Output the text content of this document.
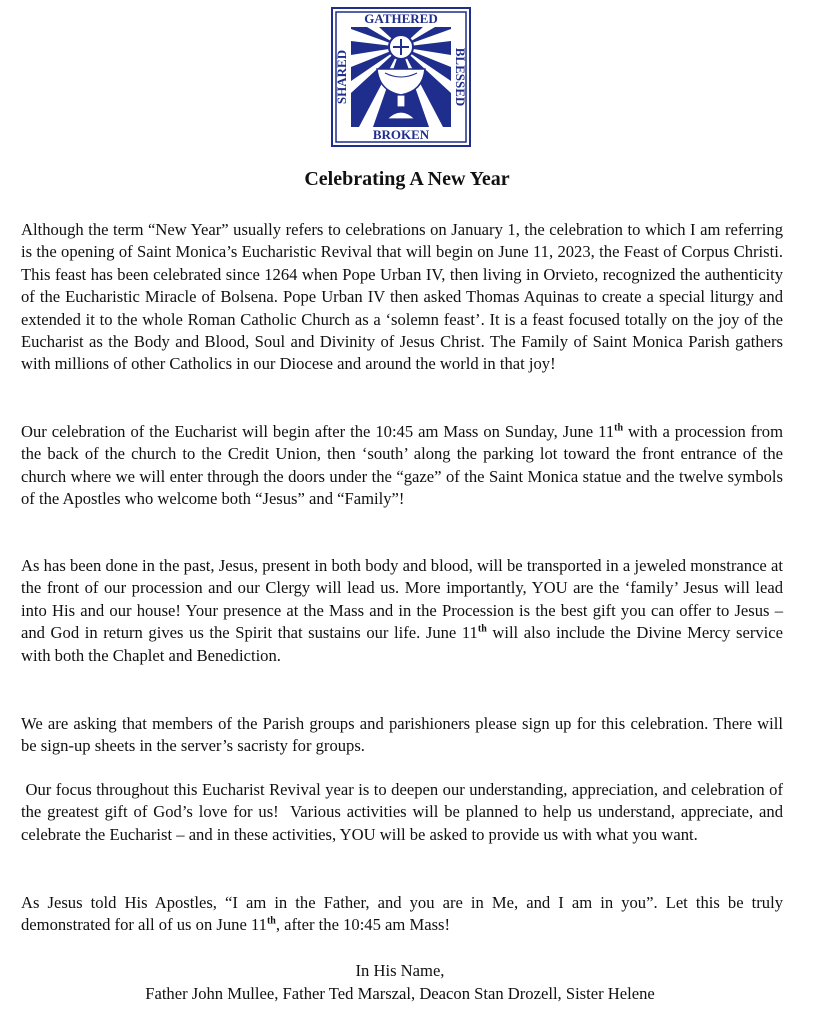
GATHERED
BROKEN
SHARED	BLESSED
Celebrating A New Year

Although the term “New Year” usually refers to celebrations on January 1, the celebration to which I am referring is the opening of Saint Monica’s Eucharistic Revival that will begin on June 11, 2023, the Feast of Corpus Christi. This feast has been celebrated since 1264 when Pope Urban IV, then living in Orvieto, recognized the authenticity of the Eucharistic Miracle of Bolsena. Pope Urban IV then asked Thomas Aquinas to create a special liturgy and extended it to the whole Roman Catholic Church as a ‘solemn feast’. It is a feast focused totally on the joy of the Eucharist as the Body and Blood, Soul and Divinity of Jesus Christ. The Family of Saint Monica Parish gathers with millions of other Catholics in our Diocese and around the world in that joy!

Our celebration of the Eucharist will begin after the 10:45 am Mass on Sunday, June 11th with a procession from the back of the church to the Credit Union, then ‘south’ along the parking lot toward the front entrance of the church where we will enter through the doors under the “gaze” of the Saint Monica statue and the twelve symbols of the Apostles who welcome both “Jesus” and “Family”!

As has been done in the past, Jesus, present in both body and blood, will be transported in a jeweled monstrance at the front of our procession and our Clergy will lead us. More importantly, YOU are the ‘family’ Jesus will lead into His and our house! Your presence at the Mass and in the Procession is the best gift you can offer to Jesus – and God in return gives us the Spirit that sustains our life. June 11th will also include the Divine Mercy service with both the Chaplet and Benediction.

We are asking that members of the Parish groups and parishioners please sign up for this celebration. There will be sign-up sheets in the server’s sacristy for groups.

Our focus throughout this Eucharist Revival year is to deepen our understanding, appreciation, and celebration of the greatest gift of God’s love for us!  Various activities will be planned to help us understand, appreciate, and celebrate the Eucharist – and in these activities, YOU will be asked to provide us with what you want.

As Jesus told His Apostles, “I am in the Father, and you are in Me, and I am in you”. Let this be truly demonstrated for all of us on June 11th, after the 10:45 am Mass!

In His Name,
Father John Mullee, Father Ted Marszal, Deacon Stan Drozell, Sister Helene
